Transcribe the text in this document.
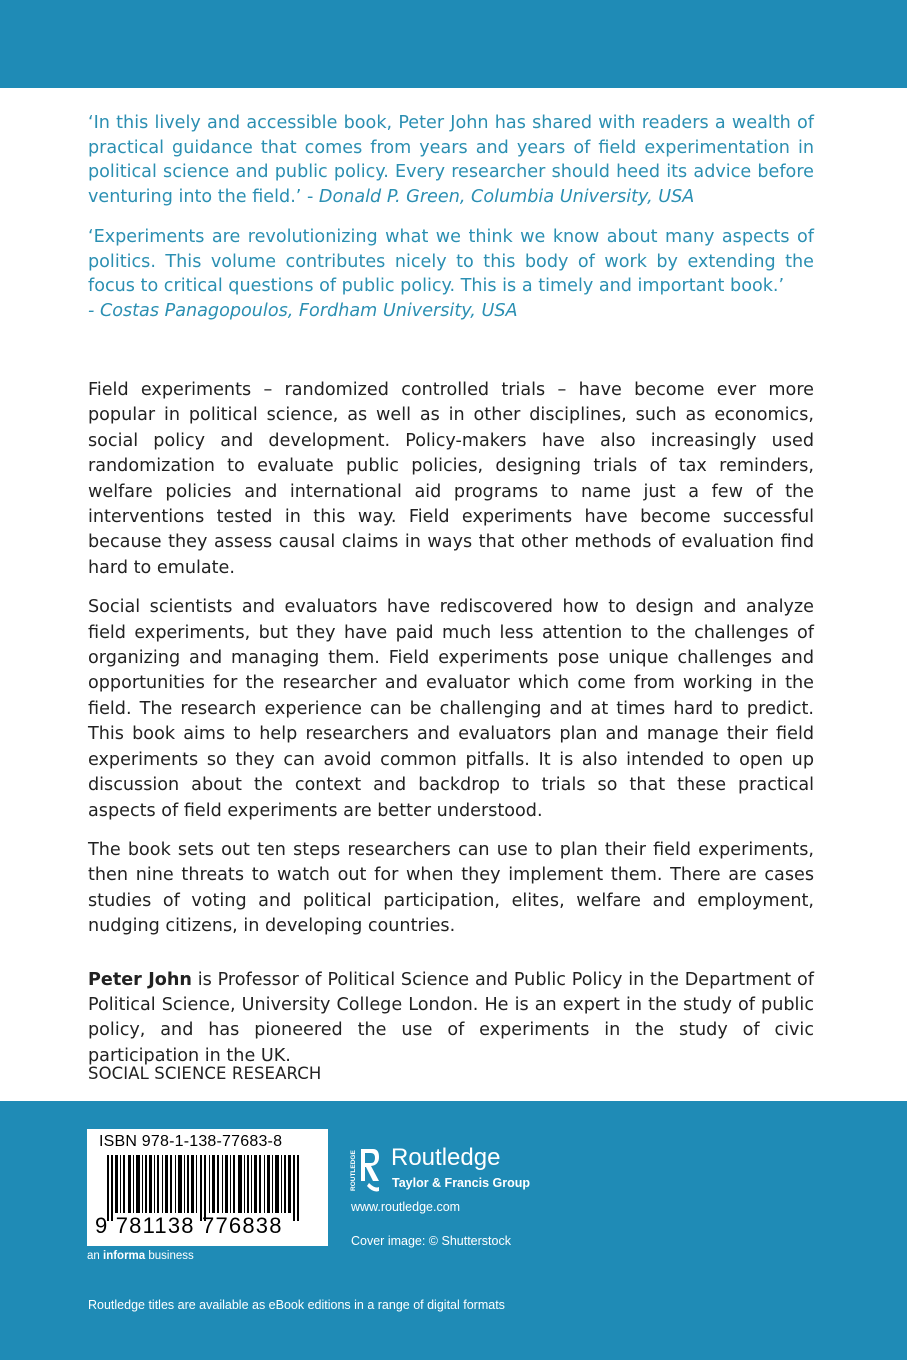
‘In this lively and accessible book, Peter John has shared with readers a wealth of practical guidance that comes from years and years of field experimentation in political science and public policy. Every researcher should heed its advice before venturing into the field.’ - Donald P. Green, Columbia University, USA

‘Experiments are revolutionizing what we think we know about many aspects of politics. This volume contributes nicely to this body of work by extending the focus to critical questions of public policy. This is a timely and important book.’
- Costas Panagopoulos, Fordham University, USA

Field experiments – randomized controlled trials – have become ever more popular in political science, as well as in other disciplines, such as economics, social policy and development. Policy-makers have also increasingly used randomization to evaluate public policies, designing trials of tax reminders, welfare policies and international aid programs to name just a few of the interventions tested in this way. Field experiments have become successful because they assess causal claims in ways that other methods of evaluation find hard to emulate.

Social scientists and evaluators have rediscovered how to design and analyze field experiments, but they have paid much less attention to the challenges of organizing and managing them. Field experiments pose unique challenges and opportunities for the researcher and evaluator which come from working in the field. The research experience can be challenging and at times hard to predict. This book aims to help researchers and evaluators plan and manage their field experiments so they can avoid common pitfalls. It is also intended to open up discussion about the context and backdrop to trials so that these practical aspects of field experiments are better understood.

The book sets out ten steps researchers can use to plan their field experiments, then nine threats to watch out for when they implement them. There are cases studies of voting and political participation, elites, welfare and employment, nudging citizens, in developing countries.

Peter John is Professor of Political Science and Public Policy in the Department of Political Science, University College London. He is an expert in the study of public policy, and has pioneered the use of experiments in the study of civic participation in the UK.

SOCIAL SCIENCE RESEARCH
ISBN 978-1-138-77683-8
9 781138 776838
an informa business
ROUTLEDGE Routledge
Taylor & Francis Group
www.routledge.com
Cover image: © Shutterstock
Routledge titles are available as eBook editions in a range of digital formats
